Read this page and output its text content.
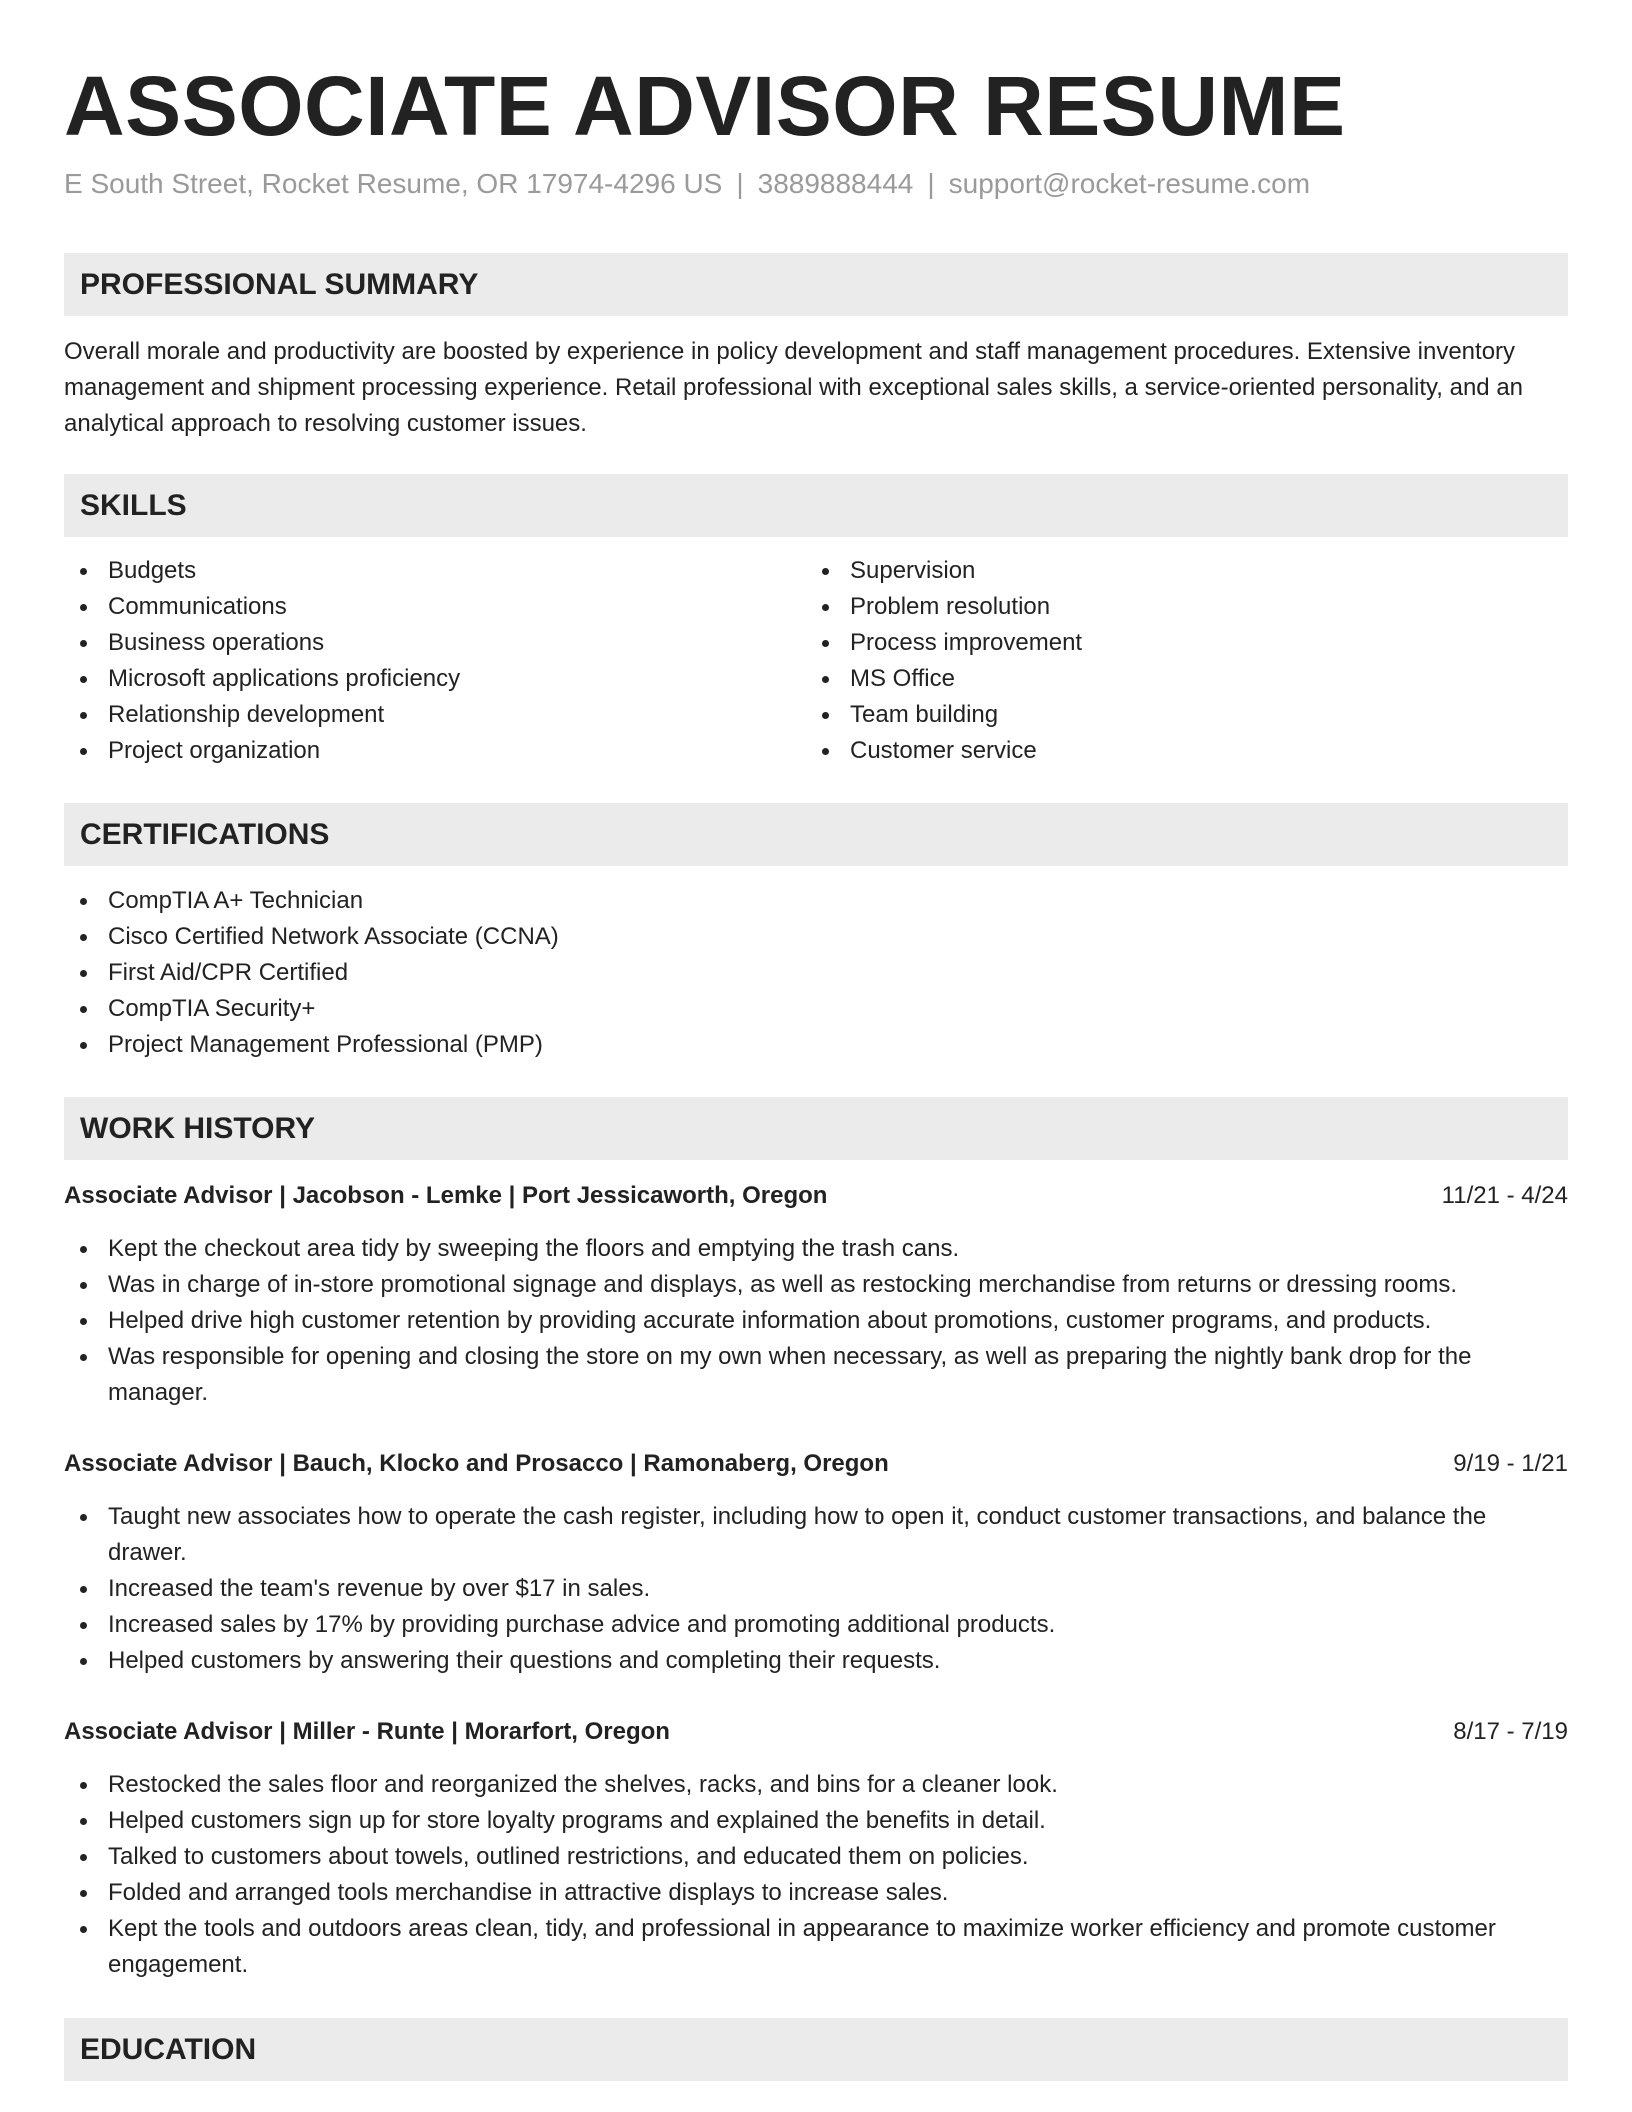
ASSOCIATE ADVISOR RESUME
E South Street, Rocket Resume, OR 17974-4296 US | 3889888444 | support@rocket-resume.com
PROFESSIONAL SUMMARY

Overall morale and productivity are boosted by experience in policy development and staff management procedures. Extensive inventory management and shipment processing experience. Retail professional with exceptional sales skills, a service-oriented personality, and an analytical approach to resolving customer issues.

SKILLS
Budgets
Communications
Business operations
Microsoft applications proficiency
Relationship development
Project organization
Supervision
Problem resolution
Process improvement
MS Office
Team building
Customer service
CERTIFICATIONS
CompTIA A+ Technician
Cisco Certified Network Associate (CCNA)
First Aid/CPR Certified
CompTIA Security+
Project Management Professional (PMP)
WORK HISTORY
Associate Advisor | Jacobson - Lemke | Port Jessicaworth, Oregon	11/21 - 4/24
Kept the checkout area tidy by sweeping the floors and emptying the trash cans.
Was in charge of in-store promotional signage and displays, as well as restocking merchandise from returns or dressing rooms.
Helped drive high customer retention by providing accurate information about promotions, customer programs, and products.
Was responsible for opening and closing the store on my own when necessary, as well as preparing the nightly bank drop for the manager.
Associate Advisor | Bauch, Klocko and Prosacco | Ramonaberg, Oregon	9/19 - 1/21
Taught new associates how to operate the cash register, including how to open it, conduct customer transactions, and balance the drawer.
Increased the team's revenue by over $17 in sales.
Increased sales by 17% by providing purchase advice and promoting additional products.
Helped customers by answering their questions and completing their requests.
Associate Advisor | Miller - Runte | Morarfort, Oregon	8/17 - 7/19
Restocked the sales floor and reorganized the shelves, racks, and bins for a cleaner look.
Helped customers sign up for store loyalty programs and explained the benefits in detail.
Talked to customers about towels, outlined restrictions, and educated them on policies.
Folded and arranged tools merchandise in attractive displays to increase sales.
Kept the tools and outdoors areas clean, tidy, and professional in appearance to maximize worker efficiency and promote customer engagement.
EDUCATION
